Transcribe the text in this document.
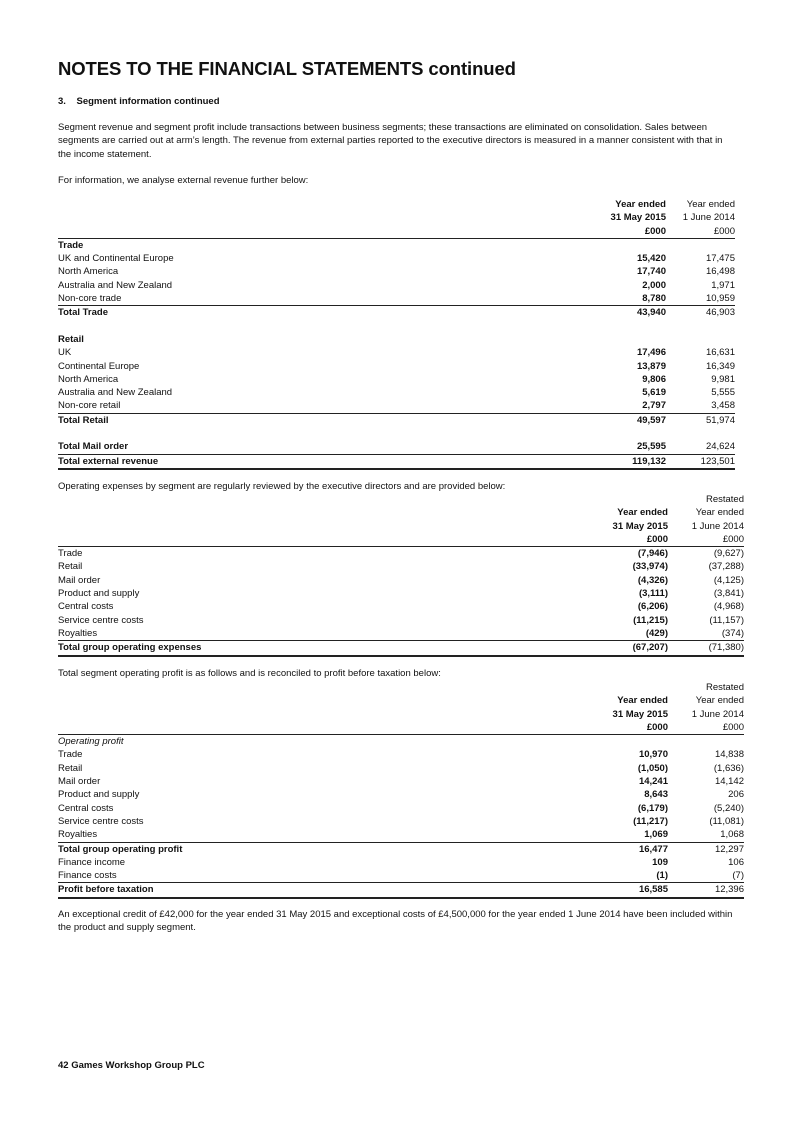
NOTES TO THE FINANCIAL STATEMENTS continued
3.    Segment information continued
Segment revenue and segment profit include transactions between business segments; these transactions are eliminated on consolidation. Sales between segments are carried out at arm’s length. The revenue from external parties reported to the executive directors is measured in a manner consistent with that in the income statement.
For information, we analyse external revenue further below:
	Year ended	Year ended
	31 May 2015	1 June 2014
	£000	£000
Trade		
UK and Continental Europe	15,420	17,475
North America	17,740	16,498
Australia and New Zealand	2,000	1,971
Non-core trade	8,780	10,959
Total Trade	43,940	46,903

Retail		
UK	17,496	16,631
Continental Europe	13,879	16,349
North America	9,806	9,981
Australia and New Zealand	5,619	5,555
Non-core retail	2,797	3,458
Total Retail	49,597	51,974

Total Mail order	25,595	24,624
Total external revenue	119,132	123,501
Operating expenses by segment are regularly reviewed by the executive directors and are provided below:
		Restated
	Year ended	Year ended
	31 May 2015	1 June 2014
	£000	£000
Trade	(7,946)	(9,627)
Retail	(33,974)	(37,288)
Mail order	(4,326)	(4,125)
Product and supply	(3,111)	(3,841)
Central costs	(6,206)	(4,968)
Service centre costs	(11,215)	(11,157)
Royalties	(429)	(374)
Total group operating expenses	(67,207)	(71,380)
Total segment operating profit is as follows and is reconciled to profit before taxation below:
		Restated
	Year ended	Year ended
	31 May 2015	1 June 2014
	£000	£000
Operating profit		
Trade	10,970	14,838
Retail	(1,050)	(1,636)
Mail order	14,241	14,142
Product and supply	8,643	206
Central costs	(6,179)	(5,240)
Service centre costs	(11,217)	(11,081)
Royalties	1,069	1,068
Total group operating profit	16,477	12,297
Finance income	109	106
Finance costs	(1)	(7)
Profit before taxation	16,585	12,396
An exceptional credit of £42,000 for the year ended 31 May 2015 and exceptional costs of £4,500,000 for the year ended 1 June 2014 have been included within the product and supply segment.
42 Games Workshop Group PLC
